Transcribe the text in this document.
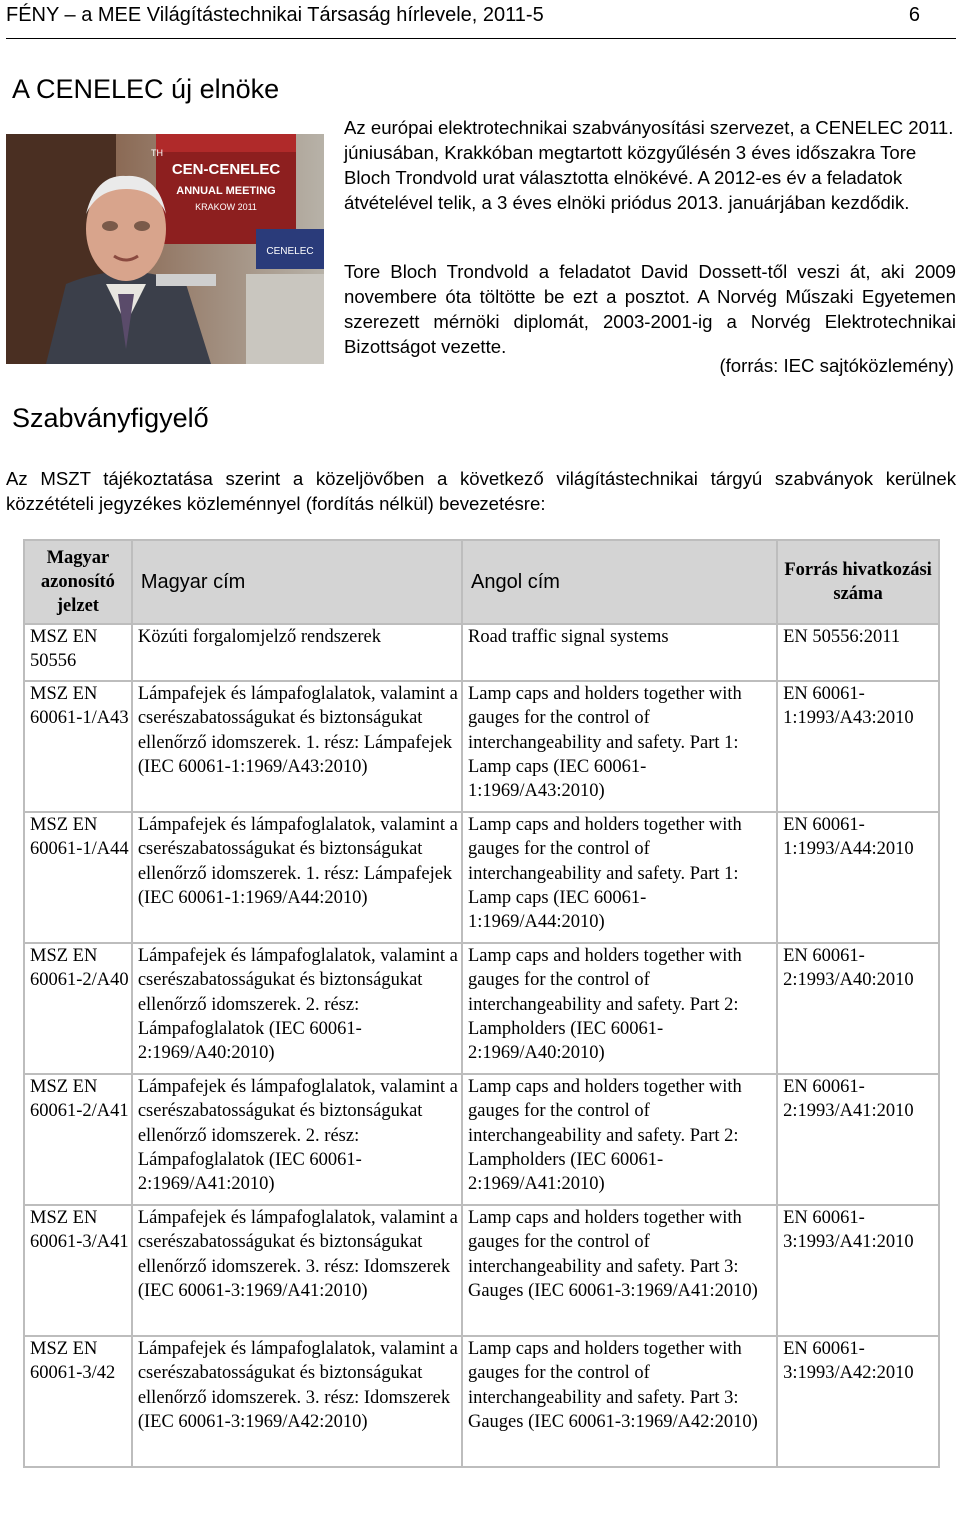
FÉNY – a MEE Világítástechnikai Társaság hírlevele, 2011-5	6
A CENELEC új elnöke
CEN-CENELEC
ANNUAL MEETING
KRAKOW 2011
TH
CENELEC
Az európai elektrotechnikai szabványosítási szervezet, a CENELEC 2011. júniusában, Krakkóban megtartott közgyűlésén 3 éves időszakra Tore Bloch Trondvold urat választotta elnökévé. A 2012-es év a feladatok átvételével telik, a 3 éves elnöki priódus 2013. januárjában kezdődik.
Tore Bloch Trondvold a feladatot David Dossett-től veszi át, aki 2009 novembere óta töltötte be ezt a posztot. A Norvég Műszaki Egyetemen szerezett mérnöki diplomát, 2003-2001-ig a Norvég Elektrotechnikai Bizottságot vezette.
(forrás: IEC sajtóközlemény)
Szabványfigyelő
Az MSZT tájékoztatása szerint a közeljövőben a következő világítástechnikai tárgyú szabványok kerülnek közzétételi jegyzékes közleménnyel (fordítás nélkül) bevezetésre:
Magyar azonosító jelzet	Magyar cím	Angol cím	Forrás hivatkozási száma
MSZ EN 50556	Közúti forgalomjelző rendszerek	Road traffic signal systems	EN 50556:2011
MSZ EN 60061-1/A43	Lámpafejek és lámpafoglalatok, valamint a cserészabatosságukat és biztonságukat ellenőrző idomszerek. 1. rész: Lámpafejek (IEC 60061-1:1969/A43:2010)	Lamp caps and holders together with gauges for the control of interchangeability and safety. Part 1: Lamp caps (IEC 60061-1:1969/A43:2010)	EN 60061-1:1993/A43:2010
MSZ EN 60061-1/A44	Lámpafejek és lámpafoglalatok, valamint a cserészabatosságukat és biztonságukat ellenőrző idomszerek. 1. rész: Lámpafejek (IEC 60061-1:1969/A44:2010)	Lamp caps and holders together with gauges for the control of interchangeability and safety. Part 1: Lamp caps (IEC 60061-1:1969/A44:2010)	EN 60061-1:1993/A44:2010
MSZ EN 60061-2/A40	Lámpafejek és lámpafoglalatok, valamint a cserészabatosságukat és biztonságukat ellenőrző idomszerek. 2. rész: Lámpafoglalatok (IEC 60061-2:1969/A40:2010)	Lamp caps and holders together with gauges for the control of interchangeability and safety. Part 2: Lampholders (IEC 60061-2:1969/A40:2010)	EN 60061-2:1993/A40:2010
MSZ EN 60061-2/A41	Lámpafejek és lámpafoglalatok, valamint a cserészabatosságukat és biztonságukat ellenőrző idomszerek. 2. rész: Lámpafoglalatok (IEC 60061-2:1969/A41:2010)	Lamp caps and holders together with gauges for the control of interchangeability and safety. Part 2: Lampholders (IEC 60061-2:1969/A41:2010)	EN 60061-2:1993/A41:2010
MSZ EN 60061-3/A41	Lámpafejek és lámpafoglalatok, valamint a cserészabatosságukat és biztonságukat ellenőrző idomszerek. 3. rész: Idomszerek (IEC 60061-3:1969/A41:2010)	Lamp caps and holders together with gauges for the control of interchangeability and safety. Part 3: Gauges (IEC 60061-3:1969/A41:2010)	EN 60061-3:1993/A41:2010
MSZ EN 60061-3/42	Lámpafejek és lámpafoglalatok, valamint a cserészabatosságukat és biztonságukat ellenőrző idomszerek. 3. rész: Idomszerek (IEC 60061-3:1969/A42:2010)	Lamp caps and holders together with gauges for the control of interchangeability and safety. Part 3: Gauges (IEC 60061-3:1969/A42:2010)	EN 60061-3:1993/A42:2010
